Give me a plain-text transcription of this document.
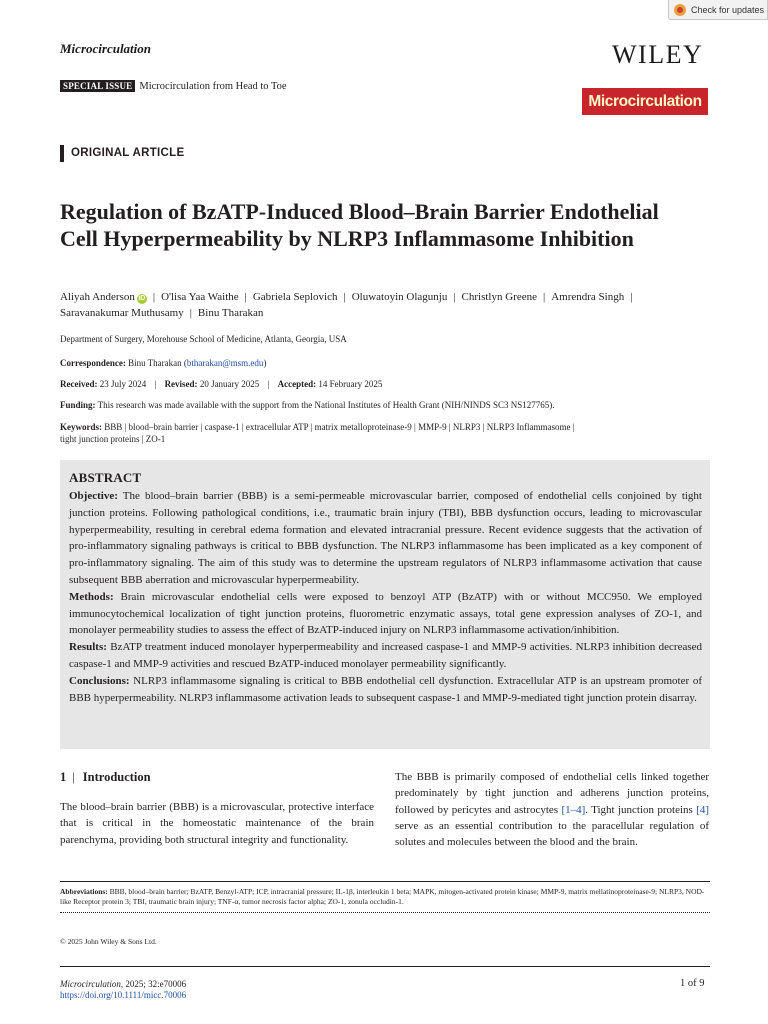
Check for updates
Microcirculation	WILEY
SPECIAL ISSUE Microcirculation from Head to Toe
Microcirculation
ORIGINAL ARTICLE
Regulation of BzATP-Induced Blood–Brain Barrier Endothelial Cell Hyperpermeability by NLRP3 Inflammasome Inhibition
Aliyah Anderson iD | O'lisa Yaa Waithe | Gabriela Seplovich | Oluwatoyin Olagunju | Christlyn Greene | Amrendra Singh |
Saravanakumar Muthusamy | Binu Tharakan
Department of Surgery, Morehouse School of Medicine, Atlanta, Georgia, USA
Correspondence: Binu Tharakan (btharakan@msm.edu)
Received: 23 July 2024 | Revised: 20 January 2025 | Accepted: 14 February 2025
Funding: This research was made available with the support from the National Institutes of Health Grant (NIH/NINDS SC3 NS127765).
Keywords: BBB | blood–brain barrier | caspase-1 | extracellular ATP | matrix metalloproteinase-9 | MMP-9 | NLRP3 | NLRP3 Inflammasome |
tight junction proteins | ZO-1
ABSTRACT

Objective: The blood–brain barrier (BBB) is a semi-permeable microvascular barrier, composed of endothelial cells conjoined by tight junction proteins. Following pathological conditions, i.e., traumatic brain injury (TBI), BBB dysfunction occurs, leading to microvascular hyperpermeability, resulting in cerebral edema formation and elevated intracranial pressure. Recent evidence suggests that the activation of pro-inflammatory signaling pathways is critical to BBB dysfunction. The NLRP3 inflammasome has been implicated as a key component of pro-inflammatory signaling. The aim of this study was to determine the upstream regulators of NLRP3 inflammasome activation that cause subsequent BBB aberration and microvascular hyperpermeability.

Methods: Brain microvascular endothelial cells were exposed to benzoyl ATP (BzATP) with or without MCC950. We employed immunocytochemical localization of tight junction proteins, fluorometric enzymatic assays, total gene expression analyses of ZO-1, and monolayer permeability studies to assess the effect of BzATP-induced injury on NLRP3 inflammasome activation/inhibition.

Results: BzATP treatment induced monolayer hyperpermeability and increased caspase-1 and MMP-9 activities. NLRP3 inhibition decreased caspase-1 and MMP-9 activities and rescued BzATP-induced monolayer permeability significantly.

Conclusions: NLRP3 inflammasome signaling is critical to BBB endothelial cell dysfunction. Extracellular ATP is an upstream promoter of BBB hyperpermeability. NLRP3 inflammasome activation leads to subsequent caspase-1 and MMP-9-mediated tight junction protein disarray.

1 | Introduction

The blood–brain barrier (BBB) is a microvascular, protective interface that is critical in the homeostatic maintenance of the brain parenchyma, providing both structural integrity and functionality.

The BBB is primarily composed of endothelial cells linked together predominately by tight junction and adherens junction proteins, followed by pericytes and astrocytes [1–4]. Tight junction proteins [4] serve as an essential contribution to the paracellular regulation of solutes and molecules between the blood and the brain.

Abbreviations: BBB, blood–brain barrier; BzATP, Benzyl-ATP; ICP, intracranial pressure; IL-1β, interleukin 1 beta; MAPK, mitogen-activated protein kinase; MMP-9, matrix mellatinoproteinase-9; NLRP3, NOD-like Receptor protein 3; TBI, traumatic brain injury; TNF-α, tumor necrosis factor alpha; ZO-1, zonula occludin-1.
© 2025 John Wiley & Sons Ltd.
Microcirculation, 2025; 32:e70006
https://doi.org/10.1111/micc.70006
1 of 9
